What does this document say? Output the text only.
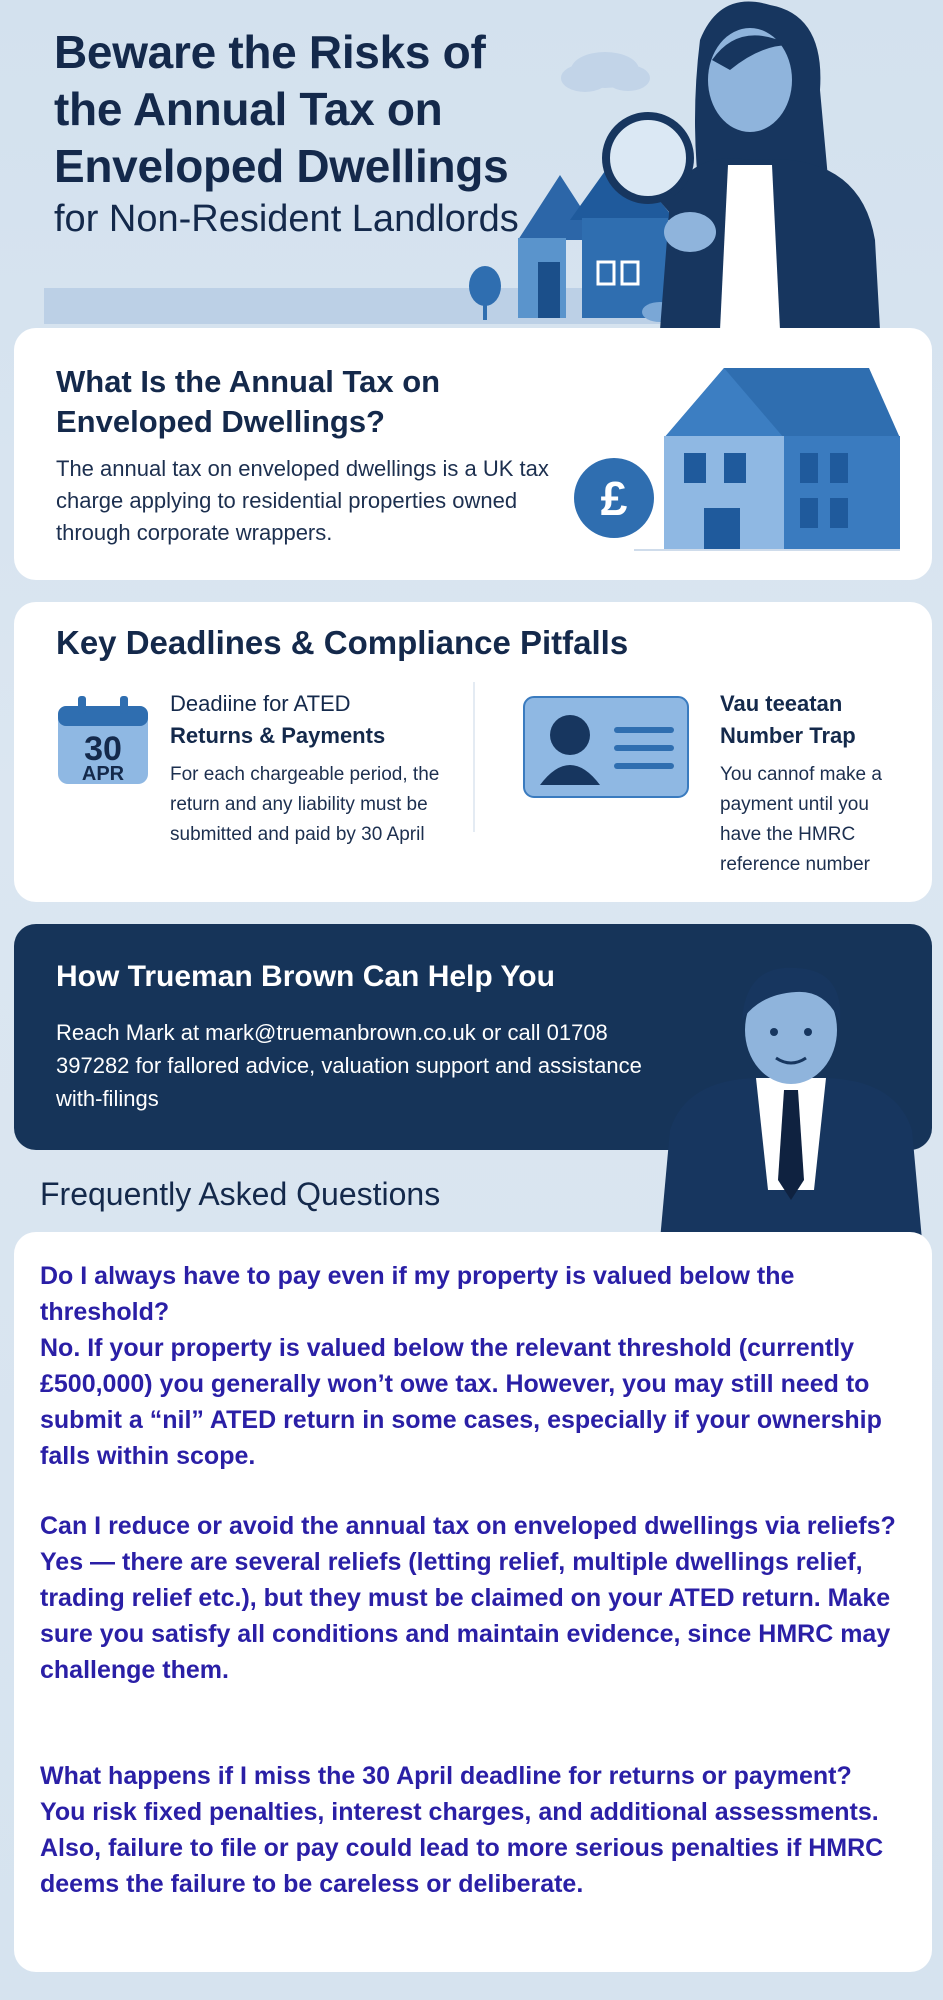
Beware the Risks of
the Annual Tax on
Enveloped Dwellings
for Non-Resident Landlords
What Is the Annual Tax on Enveloped Dwellings?

The annual tax on enveloped dwellings is a UK tax charge applying to residential properties owned through corporate wrappers.

£
Key Deadlines & Compliance Pitfalls
30
APR
Deadiine for ATED
Returns & Payments
For each chargeable period, the return and any liability must be submitted and paid by 30 April
Vau teeatan
Number Trap
You cannof make a payment until you have the HMRC reference number
How Trueman Brown Can Help You

Reach Mark at mark@truemanbrown.co.uk or call 01708 397282 for fallored advice, valuation support and assistance with-filings

Frequently Asked Questions
Do I always have to pay even if my property is valued below the threshold?
No. If your property is valued below the relevant threshold (currently £500,000) you generally won’t owe tax. However, you may still need to submit a “nil” ATED return in some cases, especially if your ownership falls within scope.
Can I reduce or avoid the annual tax on enveloped dwellings via reliefs?
Yes — there are several reliefs (letting relief, multiple dwellings relief, trading relief etc.), but they must be claimed on your ATED return. Make sure you satisfy all conditions and maintain evidence, since HMRC may challenge them.
What happens if I miss the 30 April deadline for returns or payment?
You risk fixed penalties, interest charges, and additional assessments. Also, failure to file or pay could lead to more serious penalties if HMRC deems the failure to be careless or deliberate.
